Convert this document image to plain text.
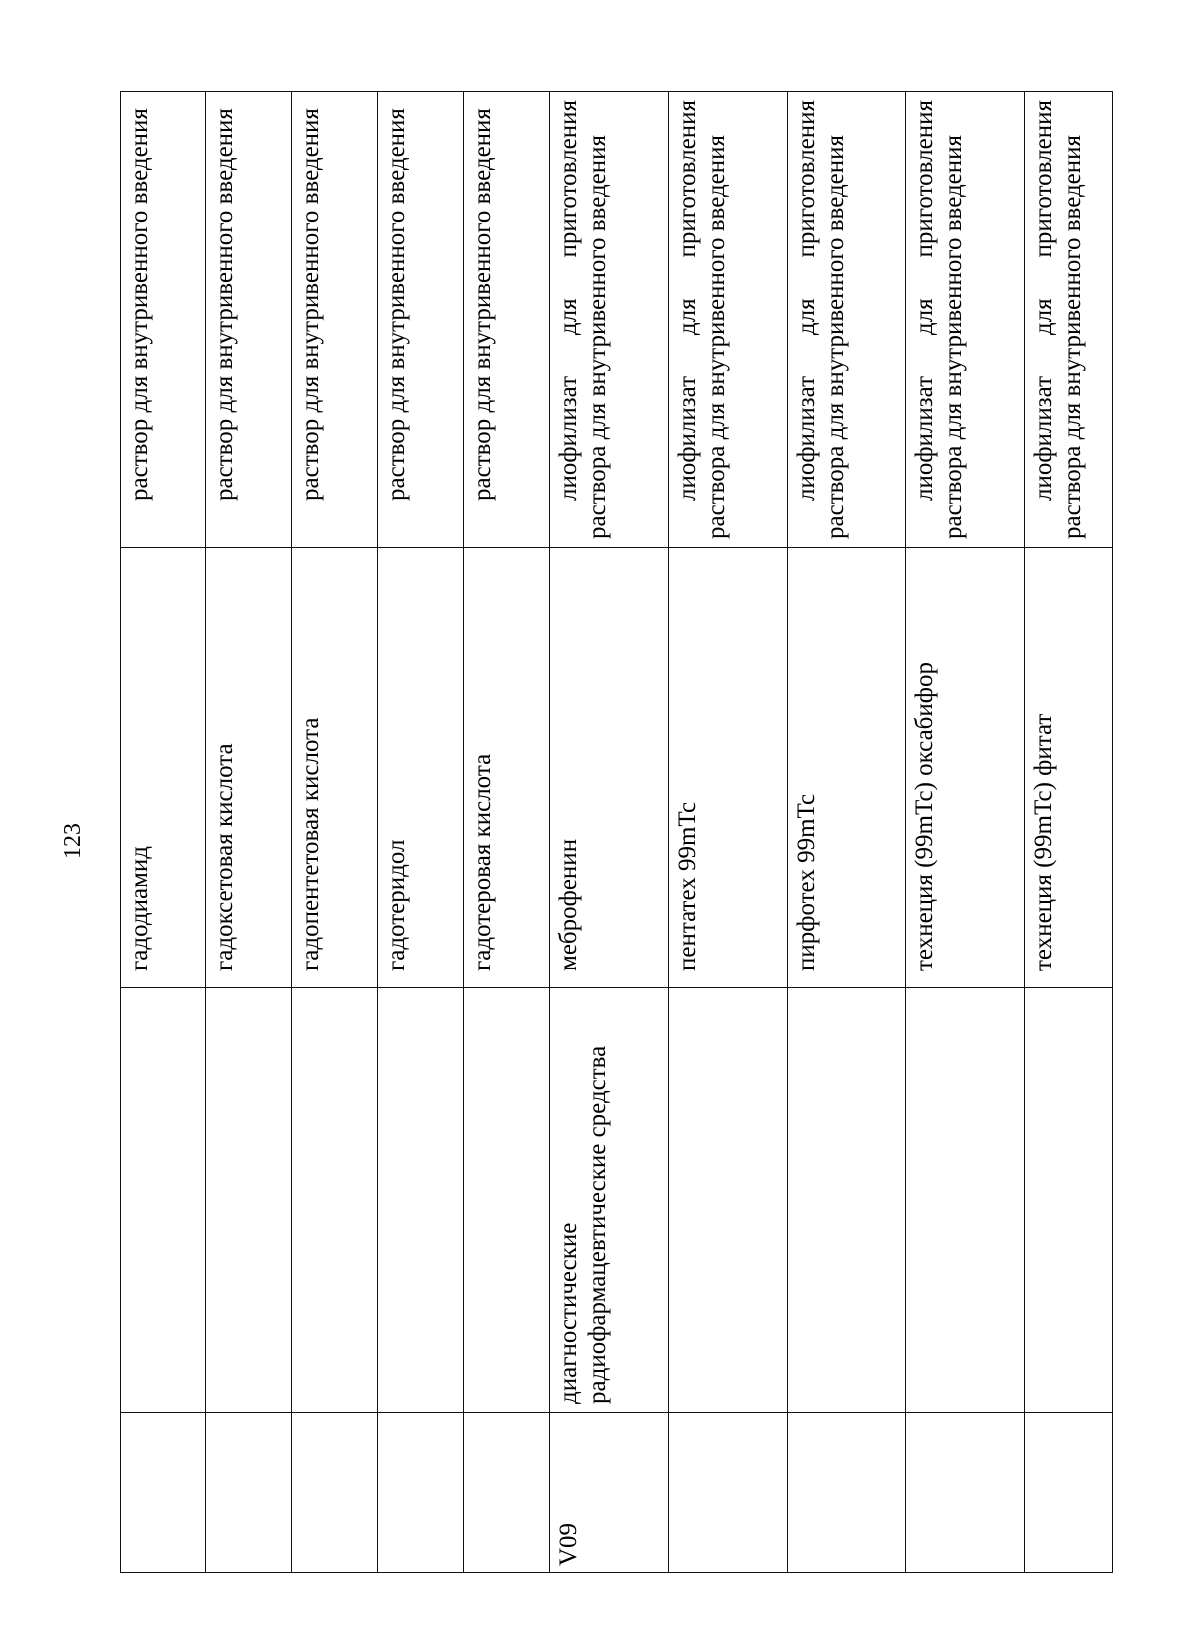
123
		гадодиамид	раствор для внутривенного введения
		гадоксетовая кислота	раствор для внутривенного введения
		гадопентетовая кислота	раствор для внутривенного введения
		гадотеридол	раствор для внутривенного введения
		гадотеровая кислота	раствор для внутривенного введения
V09	диагностические радиофармацевтические средства	меброфенин	лиофилизат для приготовления раствора для внутривенного введения
		пентатех 99mTc	лиофилизат для приготовления раствора для внутривенного введения
		пирфотех 99mTc	лиофилизат для приготовления раствора для внутривенного введения
		технеция (99mTc) оксабифор	лиофилизат для приготовления раствора для внутривенного введения
		технеция (99mTc) фитат	лиофилизат для приготовления раствора для внутривенного введения
